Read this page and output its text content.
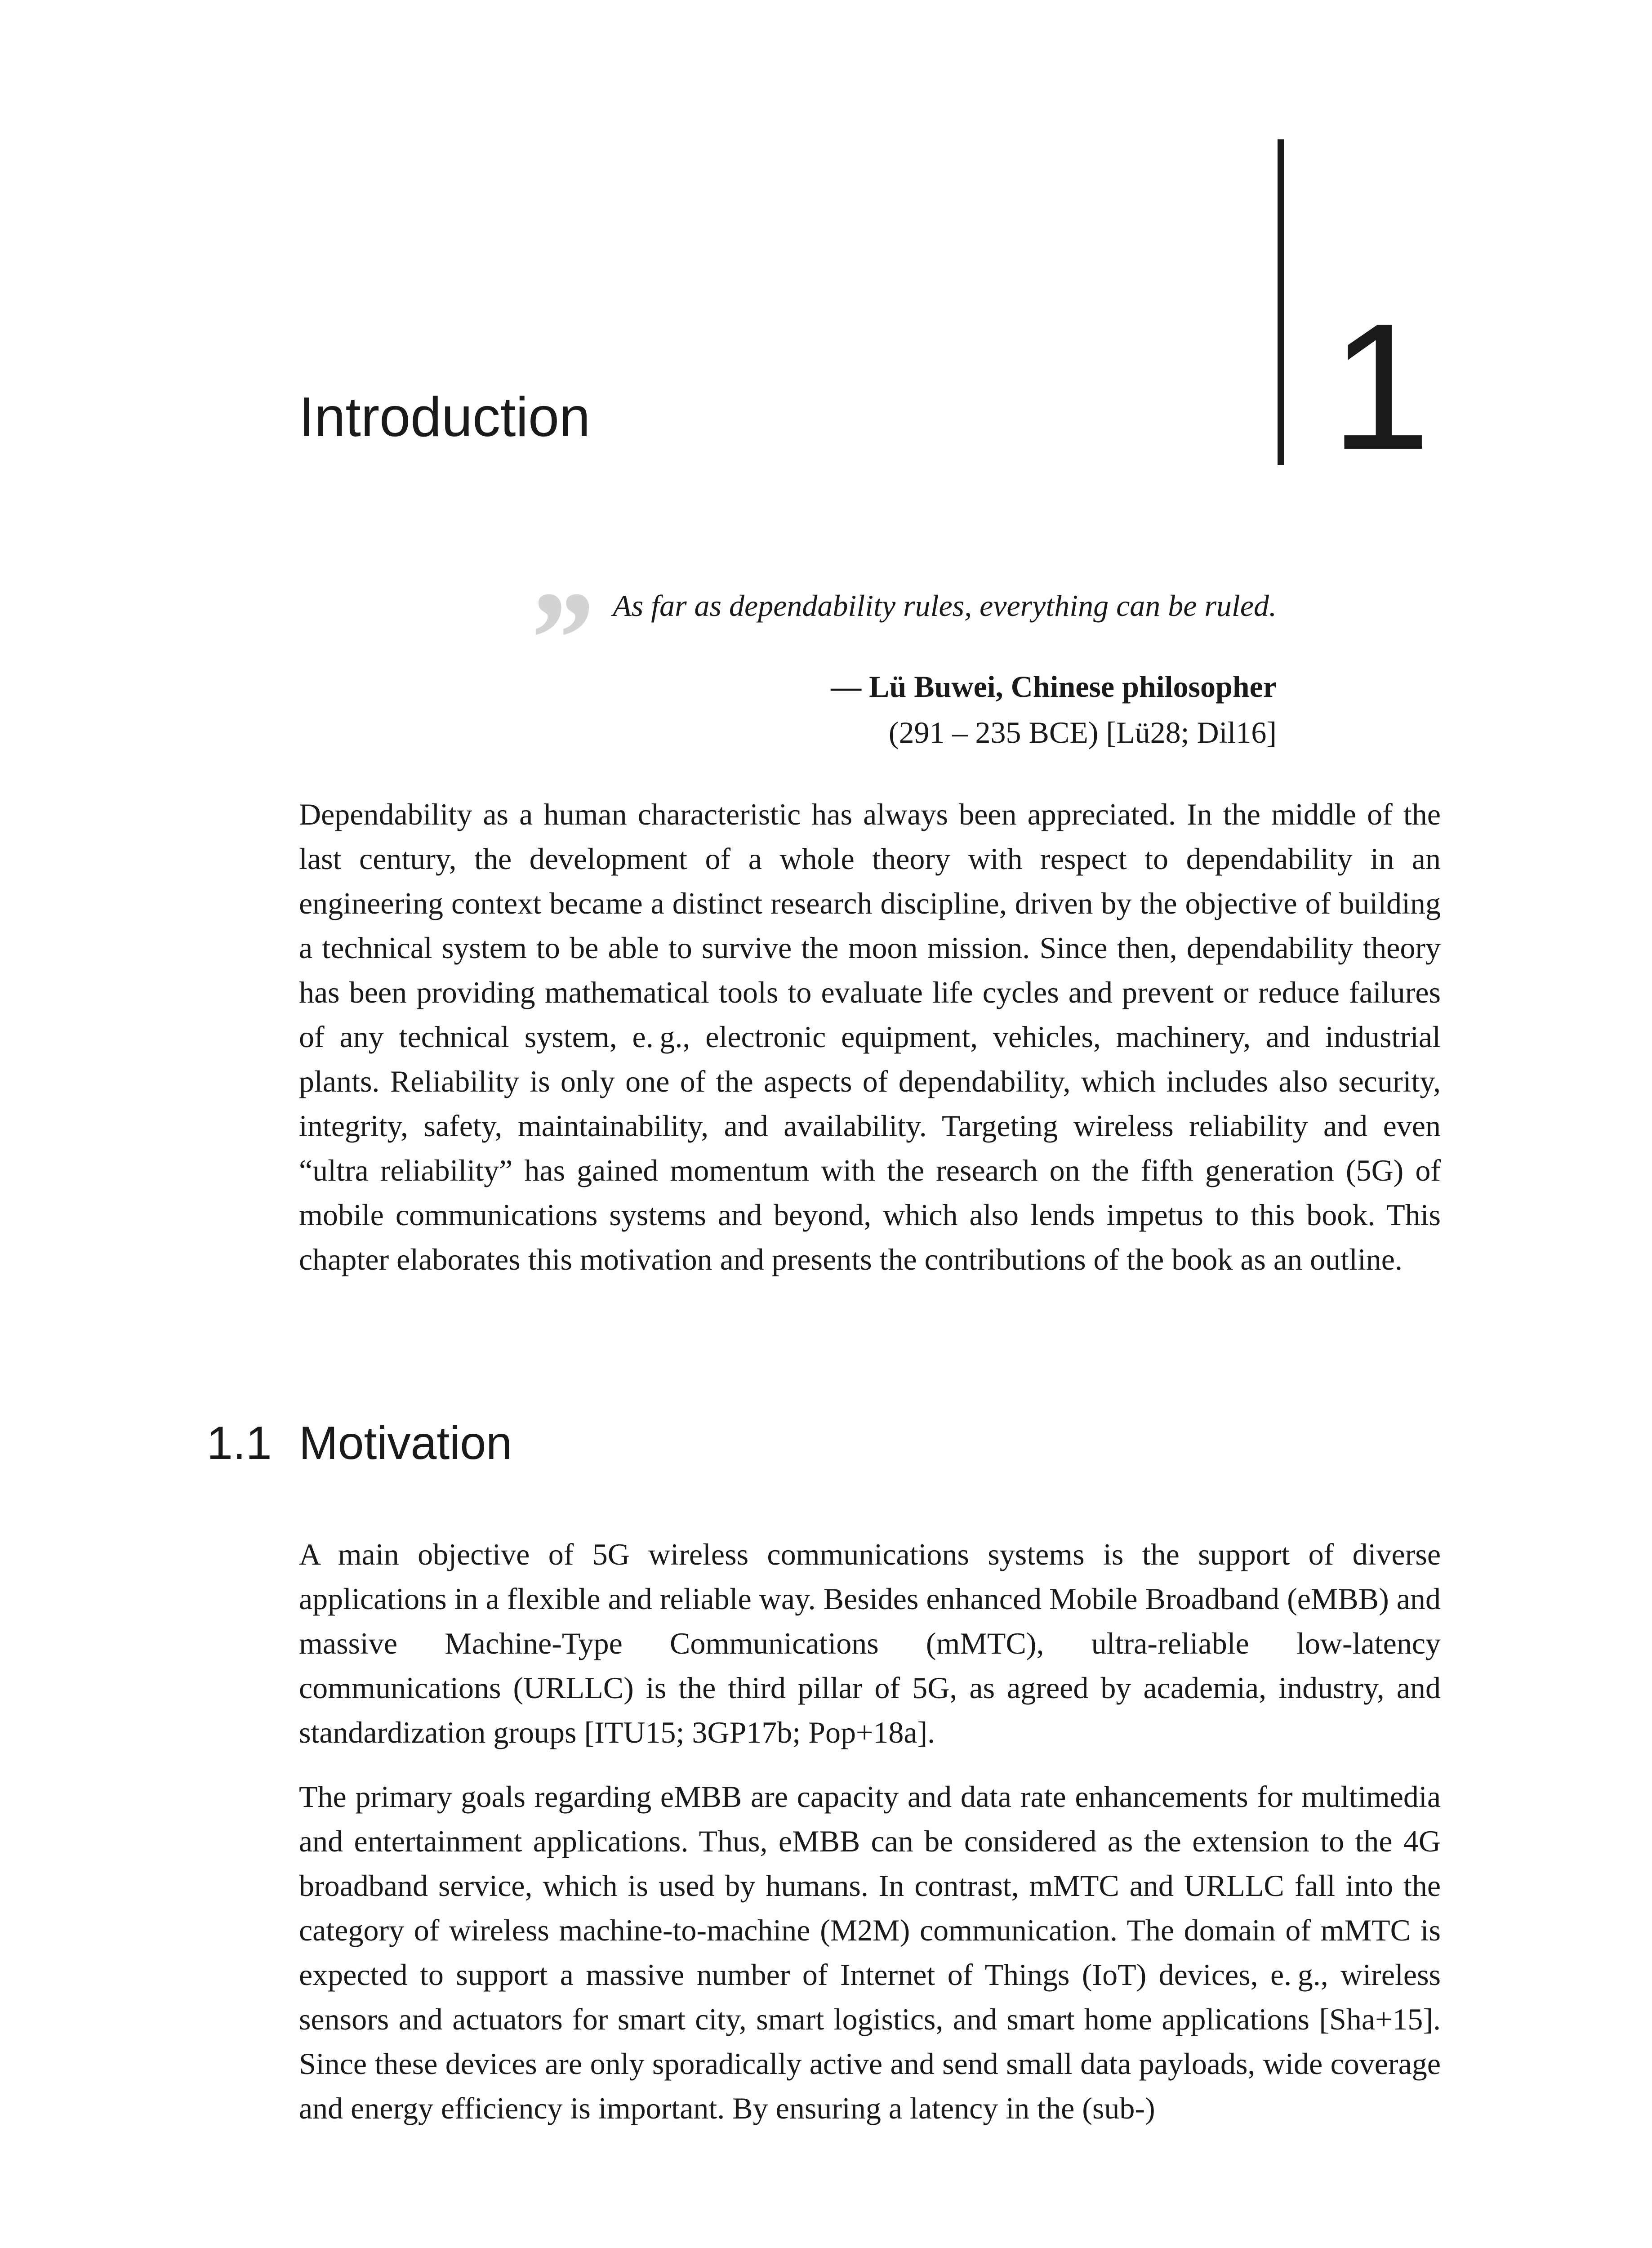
Introduction	1
” As far as dependability rules, everything can be ruled.
— Lü Buwei, Chinese philosopher
(291 – 235 BCE) [Lü28; Dil16]

Dependability as a human characteristic has always been appreciated. In the middle of the last century, the development of a whole theory with respect to dependability in an engineering context became a distinct research discipline, driven by the objective of building a technical system to be able to survive the moon mission. Since then, dependability theory has been providing mathematical tools to evaluate life cycles and prevent or reduce failures of any technical system, e. g., electronic equipment, vehicles, machinery, and industrial plants. Reliability is only one of the aspects of dependability, which includes also security, integrity, safety, maintainability, and availability. Targeting wireless reliability and even “ultra reliability” has gained momentum with the research on the fifth generation (5G) of mobile communications systems and beyond, which also lends impetus to this book. This chapter elaborates this motivation and presents the contributions of the book as an outline.

1.1 Motivation

A main objective of 5G wireless communications systems is the support of diverse applications in a flexible and reliable way. Besides enhanced Mobile Broadband (eMBB) and massive Machine-Type Communications (mMTC), ultra-reliable low-latency communications (URLLC) is the third pillar of 5G, as agreed by academia, industry, and standardization groups [ITU15; 3GP17b; Pop+18a].

The primary goals regarding eMBB are capacity and data rate enhancements for multimedia and entertainment applications. Thus, eMBB can be considered as the extension to the 4G broadband service, which is used by humans. In contrast, mMTC and URLLC fall into the category of wireless machine-to-machine (M2M) communication. The domain of mMTC is expected to support a massive number of Internet of Things (IoT) devices, e. g., wireless sensors and actuators for smart city, smart logistics, and smart home applications [Sha+15]. Since these devices are only sporadically active and send small data payloads, wide coverage and energy efficiency is important. By ensuring a latency in the (sub-)
